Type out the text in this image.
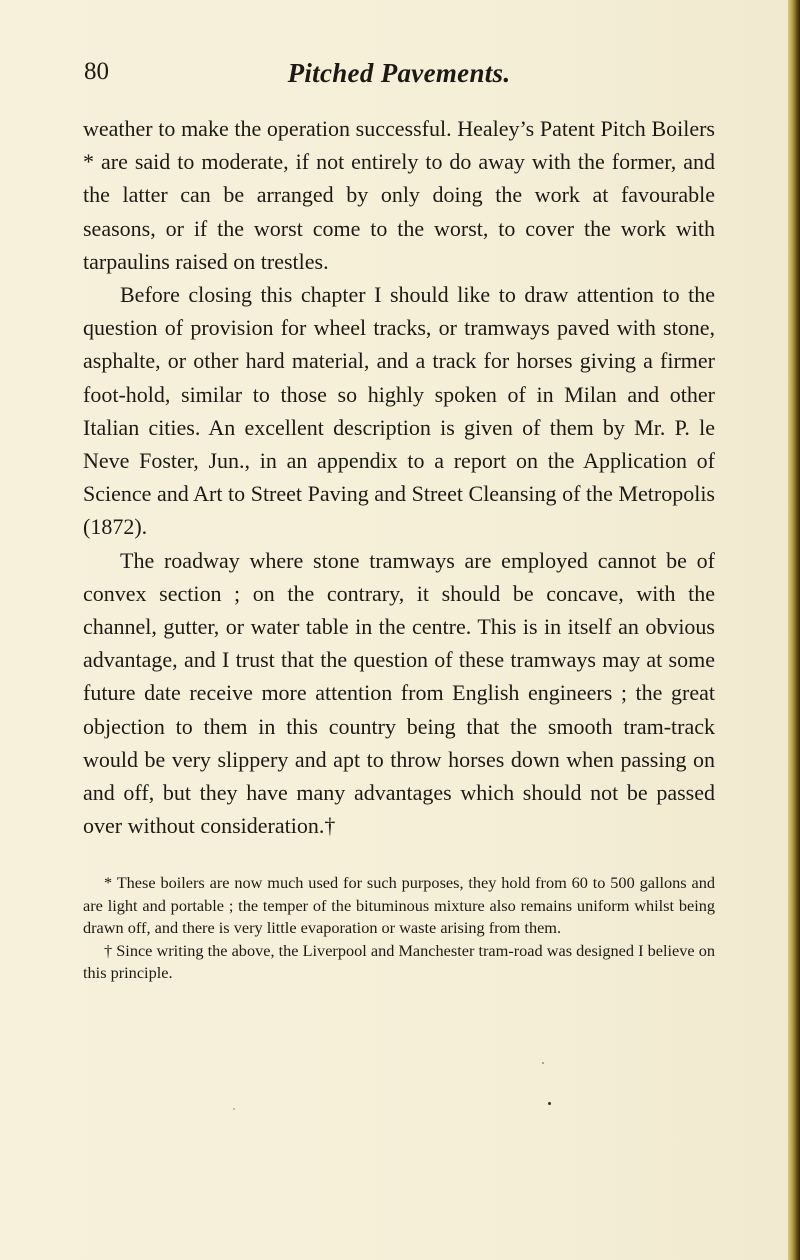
80	Pitched Pavements.

weather to make the operation successful. Healey’s Patent Pitch Boilers * are said to moderate, if not entirely to do away with the former, and the latter can be arranged by only doing the work at favourable seasons, or if the worst come to the worst, to cover the work with tarpaulins raised on trestles.

Before closing this chapter I should like to draw attention to the question of provision for wheel tracks, or tramways paved with stone, asphalte, or other hard material, and a track for horses giving a firmer foot-hold, similar to those so highly spoken of in Milan and other Italian cities. An excellent description is given of them by Mr. P. le Neve Foster, Jun., in an appendix to a report on the Application of Science and Art to Street Paving and Street Cleansing of the Metropolis (1872).

The roadway where stone tramways are employed cannot be of convex section ; on the contrary, it should be concave, with the channel, gutter, or water table in the centre. This is in itself an obvious advantage, and I trust that the question of these tramways may at some future date receive more attention from English engineers ; the great objection to them in this country being that the smooth tram-track would be very slippery and apt to throw horses down when passing on and off, but they have many advantages which should not be passed over without consideration.†

* These boilers are now much used for such purposes, they hold from 60 to 500 gallons and are light and portable ; the temper of the bituminous mixture also remains uniform whilst being drawn off, and there is very little evaporation or waste arising from them.

† Since writing the above, the Liverpool and Manchester tram-road was designed I believe on this principle.
